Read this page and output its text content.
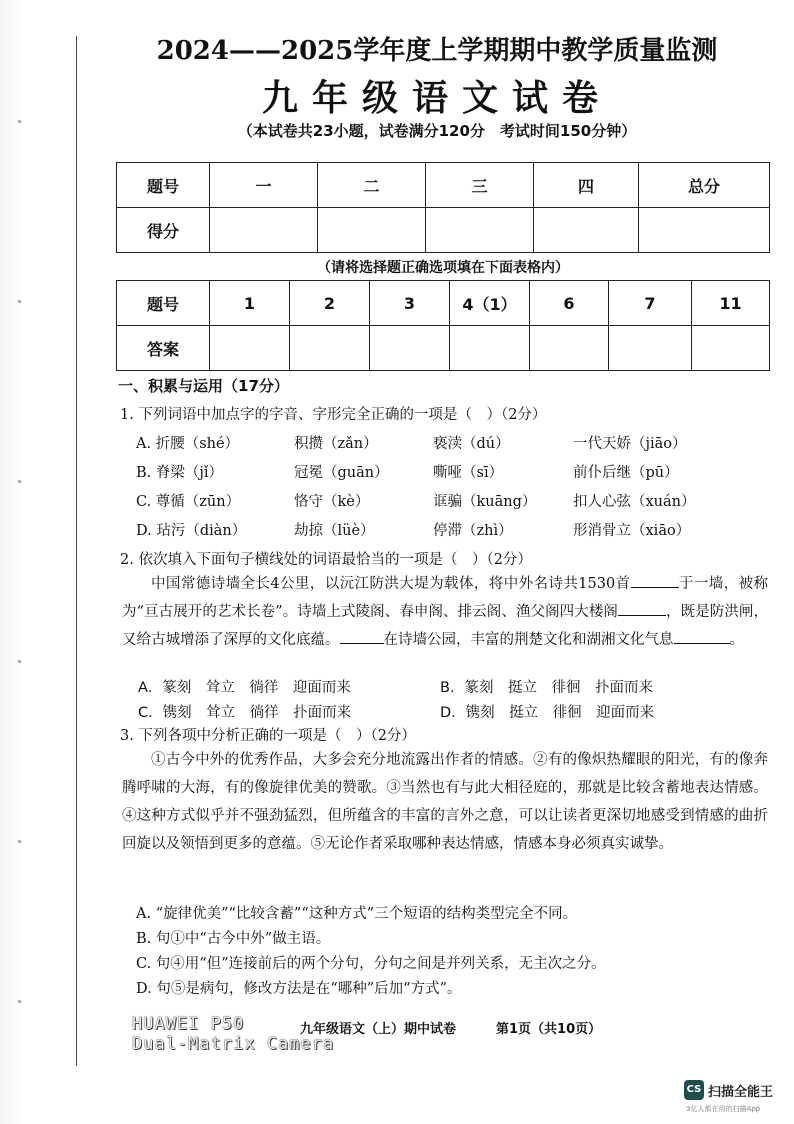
2024——2025学年度上学期期中教学质量监测
九年级语文试卷
（本试卷共23小题，试卷满分120分　考试时间150分钟）
题号	一	二	三	四	总分
得分					
（请将选择题正确选项填在下面表格内）
题号	1	2	3	4（1）	6	7	11
答案							
一、积累与运用（17分）
1. 下列词语中加点字的字音、字形完全正确的一项是（　）（2分）
A. 折腰（shé）	积攒（zǎn）	亵渎（dú）	一代天娇（jiāo）
B. 脊梁（jǐ）	冠冕（guān）	嘶哑（sī）	前仆后继（pū）
C. 尊循（zūn）	恪守（kè）	诓骗（kuāng）	扣人心弦（xuán）
D. 玷污（diàn）	劫掠（lüè）	停滞（zhì）	形消骨立（xiāo）
2. 依次填入下面句子横线处的词语最恰当的一项是（　）（2分）
中国常德诗墙全长4公里，以沅江防洪大堤为载体，将中外名诗共1530首	于一墙，被称为“亘古展开的艺术长卷”。诗墙上式陵阁、春申阁、排云阁、渔父阁四大楼阁	，既是防洪闸，又给古城增添了深厚的文化底蕴。	在诗墙公园，丰富的荆楚文化和湖湘文化气息	。
A．篆刻　耸立　徜徉　迎面而来	B．篆刻　挺立　徘徊　扑面而来
C．镌刻　耸立　徜徉　扑面而来	D．镌刻　挺立　徘徊　迎面而来
3. 下列各项中分析正确的一项是（　）（2分）
①古今中外的优秀作品，大多会充分地流露出作者的情感。②有的像炽热耀眼的阳光，有的像奔腾呼啸的大海，有的像旋律优美的赞歌。③当然也有与此大相径庭的，那就是比较含蓄地表达情感。④这种方式似乎并不强劲猛烈，但所蕴含的丰富的言外之意，可以让读者更深切地感受到情感的曲折回旋以及领悟到更多的意蕴。⑤无论作者采取哪种表达情感，情感本身必须真实诚挚。
A. “旋律优美”“比较含蓄”“这种方式”三个短语的结构类型完全不同。
B. 句①中“古今中外”做主语。
C. 句④用“但”连接前后的两个分句，分句之间是并列关系，无主次之分。
D. 句⑤是病句，修改方法是在“哪种”后加“方式”。
HUAWEI P50
Dual-Matrix Camera
九年级语文（上）期中试卷	第1页（共10页）
CS 扫描全能王
3亿人都在用的扫描App
